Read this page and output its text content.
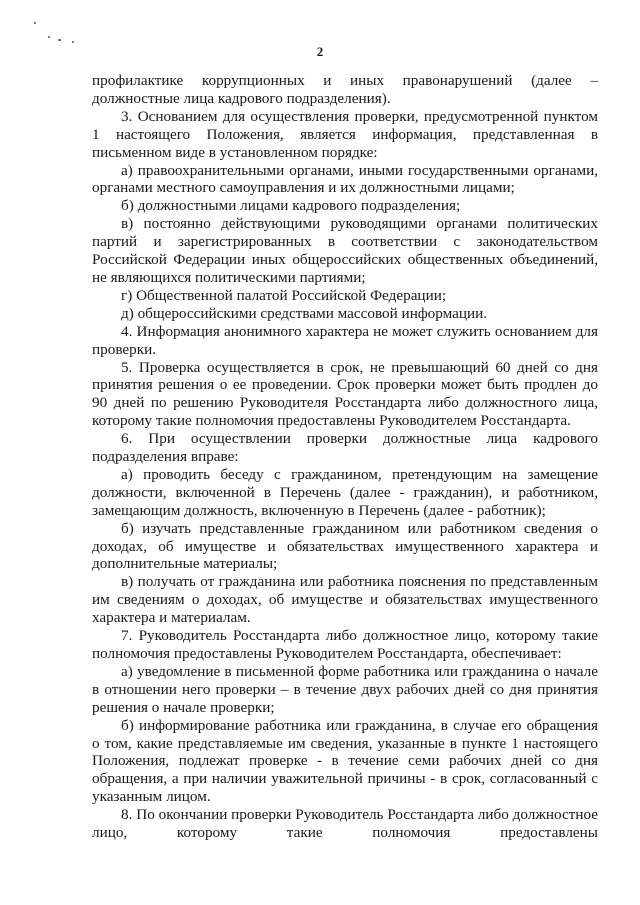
2

профилактике коррупционных и иных правонарушений (далее – должностные лица кадрового подразделения).

3. Основанием для осуществления проверки, предусмотренной пунктом 1 настоящего Положения, является информация, представленная в письменном виде в установленном порядке:

а) правоохранительными органами, иными государственными органами, органами местного самоуправления и их должностными лицами;

б) должностными лицами кадрового подразделения;

в) постоянно действующими руководящими органами политических партий и зарегистрированных в соответствии с законодательством Российской Федерации иных общероссийских общественных объединений, не являющихся политическими партиями;

г) Общественной палатой Российской Федерации;

д) общероссийскими средствами массовой информации.

4. Информация анонимного характера не может служить основанием для проверки.

5. Проверка осуществляется в срок, не превышающий 60 дней со дня принятия решения о ее проведении. Срок проверки может быть продлен до 90 дней по решению Руководителя Росстандарта либо должностного лица, которому такие полномочия предоставлены Руководителем Росстандарта.

6. При осуществлении проверки должностные лица кадрового подразделения вправе:

а) проводить беседу с гражданином, претендующим на замещение должности, включенной в Перечень (далее - гражданин), и работником, замещающим должность, включенную в Перечень (далее - работник);

б) изучать представленные гражданином или работником сведения о доходах, об имуществе и обязательствах имущественного характера и дополнительные материалы;

в) получать от гражданина или работника пояснения по представленным им сведениям о доходах, об имуществе и обязательствах имущественного характера и материалам.

7. Руководитель Росстандарта либо должностное лицо, которому такие полномочия предоставлены Руководителем Росстандарта, обеспечивает:

а) уведомление в письменной форме работника или гражданина о начале в отношении него проверки – в течение двух рабочих дней со дня принятия решения о начале проверки;

б) информирование работника или гражданина, в случае его обращения о том, какие представляемые им сведения, указанные в пункте 1 настоящего Положения, подлежат проверке - в течение семи рабочих дней со дня обращения, а при наличии уважительной причины - в срок, согласованный с указанным лицом.

8. По окончании проверки Руководитель Росстандарта либо должностное лицо, которому такие полномочия предоставлены
